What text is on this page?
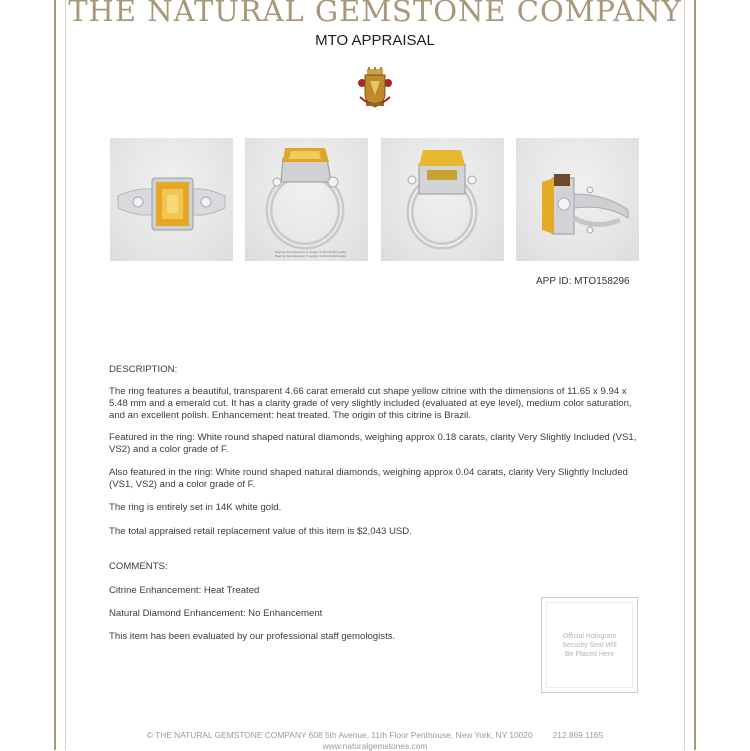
THE NATURAL GEMSTONE COMPANY
MTO APPRAISAL
Bearing Test Diamond: 0' weight: 0.18ct (0.04ct each)
Bearing Test Diamond: 0' weight: 0.04ct (0.02ct each)
APP ID: MTO158296

DESCRIPTION:

The ring features a beautiful, transparent 4.66 carat emerald cut shape yellow citrine with the dimensions of 11.65 x 9.94 x 5.48 mm and a emerald cut. It has a clarity grade of very slightly included (evaluated at eye level), medium color saturation, and an excellent polish. Enhancement: heat treated. The origin of this citrine is Brazil.

Featured in the ring: White round shaped natural diamonds, weighing approx 0.18 carats, clarity Very Slightly Included (VS1, VS2) and a color grade of F.

Also featured in the ring: White round shaped natural diamonds, weighing approx 0.04 carats, clarity Very Slightly Included (VS1, VS2) and a color grade of F.

The ring is entirely set in 14K white gold.

The total appraised retail replacement value of this item is $2,043 USD.

COMMENTS:

Citrine Enhancement: Heat Treated

Natural Diamond Enhancement: No Enhancement

This item has been evaluated by our professional staff gemologists.	Official Hologram
Security Seal Will
Be Placed Here
© THE NATURAL GEMSTONE COMPANY 608 5th Avenue, 11th Floor Penthouse, New York, NY 10020 212.869.1165
www.naturalgemstones.com
